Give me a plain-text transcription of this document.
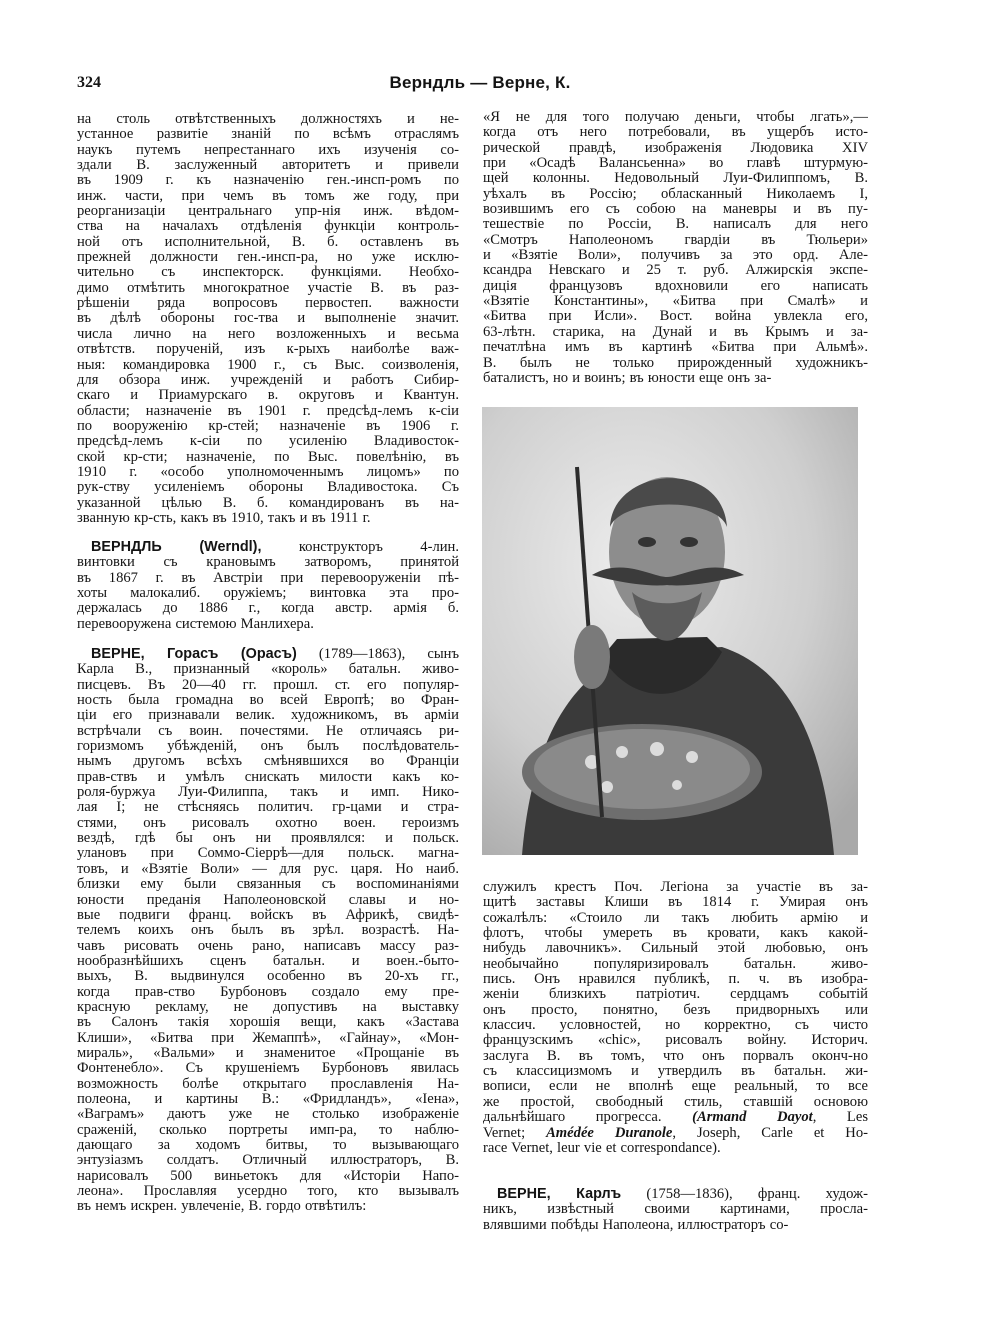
324	Верндль — Верне, К.
на столь отвѣтственныхъ должностяхъ и не-
устанное развитіе знаній по всѣмъ отраслямъ
наукъ путемъ непрестаннаго ихъ изученія со-
здали В. заслуженный авторитетъ и привели
въ 1909 г. къ назначенію ген.-инсп-ромъ по
инж. части, при чемъ въ томъ же году, при
реорганизаціи центральнаго упр-нія инж. вѣдом-
ства на началахъ отдѣленія функціи контроль-
ной отъ исполнительной, В. б. оставленъ въ
прежней должности ген.-инсп-ра, но уже исклю-
чительно съ инспекторск. функціями. Необхо-
димо отмѣтить многократное участіе В. въ раз-
рѣшеніи ряда вопросовъ первостеп. важности
въ дѣлѣ обороны гос-тва и выполненіе значит.
числа лично на него возложенныхъ и весьма
отвѣтств. порученій, изъ к-рыхъ наиболѣе важ-
ныя: командировка 1900 г., съ Выс. соизволенія,
для обзора инж. учрежденій и работъ Сибир-
скаго и Приамурскаго в. округовъ и Квантун.
области; назначеніе въ 1901 г. предсѣд-лемъ к-сіи
по вооруженію кр-стей; назначеніе въ 1906 г.
предсѣд-лемъ к-сіи по усиленію Владивосток-
ской кр-сти; назначеніе, по Выс. повелѣнію, въ
1910 г. «особо уполномоченнымъ лицомъ» по
рук-ству усиленіемъ обороны Владивостока. Съ
указанной цѣлью В. б. командированъ въ на-
званную кр-сть, какъ въ 1910, такъ и въ 1911 г.
ВЕРНДЛЬ (Werndl), конструкторъ 4-лин.
винтовки съ крановымъ затворомъ, принятой
въ 1867 г. въ Австріи при перевооруженіи пѣ-
хоты малокалиб. оружіемъ; винтовка эта про-
держалась до 1886 г., когда австр. армія б.
перевооружена системою Манлихера.
ВЕРНЕ, Горасъ (Орасъ) (1789—1863), сынъ
Карла В., признанный «король» батальн. живо-
писцевъ. Въ 20—40 гг. прошл. ст. его популяр-
ность была громадна во всей Европѣ; во Фран-
ціи его признавали велик. художникомъ, въ арміи
встрѣчали съ воин. почестями. Не отличаясь ри-
горизмомъ убѣжденій, онъ былъ послѣдователь-
нымъ другомъ всѣхъ смѣнявшихся во Франціи
прав-ствъ и умѣлъ снискать милости какъ ко-
роля-буржуа Луи-Филиппа, такъ и имп. Нико-
лая I; не стѣсняясь политич. гр-цами и стра-
стями, онъ рисовалъ охотно воен. героизмъ
вездѣ, гдѣ бы онъ ни проявлялся: и польск.
улановъ при Соммо-Сіеррѣ—для польск. магна-
товъ, и «Взятіе Воли» — для рус. царя. Но наиб.
близки ему были связанныя съ воспоминаніями
юности преданія Наполеоновской славы и но-
вые подвиги франц. войскъ въ Африкѣ, свидѣ-
телемъ коихъ онъ былъ въ зрѣл. возрастѣ. На-
чавъ рисовать очень рано, написавъ массу раз-
нообразнѣйшихъ сценъ батальн. и воен.-быто-
выхъ, В. выдвинулся особенно въ 20-хъ гг.,
когда прав-ство Бурбоновъ создало ему пре-
красную рекламу, не допустивъ на выставку
въ Салонъ такія хорошія вещи, какъ «Застава
Клиши», «Битва при Жемаппѣ», «Гайнау», «Мон-
мираль», «Вальми» и знаменитое «Прощаніе въ
Фонтенебло». Съ крушеніемъ Бурбоновъ явилась
возможность болѣе открытаго прославленія На-
полеона, и картины В.: «Фридландъ», «Іена»,
«Ваграмъ» даютъ уже не столько изображеніе
сраженій, сколько портреты имп-ра, то наблю-
дающаго за ходомъ битвы, то вызывающаго
энтузіазмъ солдатъ. Отличный иллюстраторъ, В.
нарисовалъ 500 виньетокъ для «Исторіи Напо-
леона». Прославляя усердно того, кто вызывалъ
въ немъ искрен. увлеченіе, В. гордо отвѣтилъ:
«Я не для того получаю деньги, чтобы лгать»,—
когда отъ него потребовали, въ ущербъ исто-
рической правдѣ, изображенія Людовика XIV
при «Осадѣ Валансьенна» во главѣ штурмую-
щей колонны. Недовольный Луи-Филиппомъ, В.
уѣхалъ въ Россію; обласканный Николаемъ I,
возившимъ его съ собою на маневры и въ пу-
тешествіе по Россіи, В. написалъ для него
«Смотръ Наполеономъ гвардіи въ Тюльери»
и «Взятіе Воли», получивъ за это орд. Але-
ксандра Невскаго и 25 т. руб. Алжирскія экспе-
диція французовъ вдохновили его написать
«Взятіе Константины», «Битва при Смалѣ» и
«Битва при Исли». Вост. война увлекла его,
63-лѣтн. старика, на Дунай и въ Крымъ и за-
печатлѣна имъ въ картинѣ «Битва при Альмѣ».
В. былъ не только прирожденный художникъ-
баталистъ, но и воинъ; въ юности еще онъ за-
служилъ крестъ Поч. Легіона за участіе въ за-
щитѣ заставы Клиши въ 1814 г. Умирая онъ
сожалѣлъ: «Стоило ли такъ любить армію и
флотъ, чтобы умереть въ кровати, какъ какой-
нибудь лавочникъ». Сильный этой любовью, онъ
необычайно популяризировалъ батальн. живо-
пись. Онъ нравился публикѣ, п. ч. въ изобра-
женіи близкихъ патріотич. сердцамъ событій
онъ просто, понятно, безъ придворныхъ или
классич. условностей, но корректно, съ чисто
французскимъ «chic», рисовалъ войну. Историч.
заслуга В. въ томъ, что онъ порвалъ оконч-но
съ классицизмомъ и утвердилъ въ батальн. жи-
вописи, если не вполнѣ еще реальный, то все
же простой, свободный стиль, ставшій основою
дальнѣйшаго прогресса. (Armand Dayot, Les
Vernet; Amédée Duranole, Joseph, Carle et Ho-
race Vernet, leur vie et correspondance).
ВЕРНЕ, Карлъ (1758—1836), франц. худож-
никъ, извѣстный своими картинами, просла-
влявшими побѣды Наполеона, иллюстраторъ со-
